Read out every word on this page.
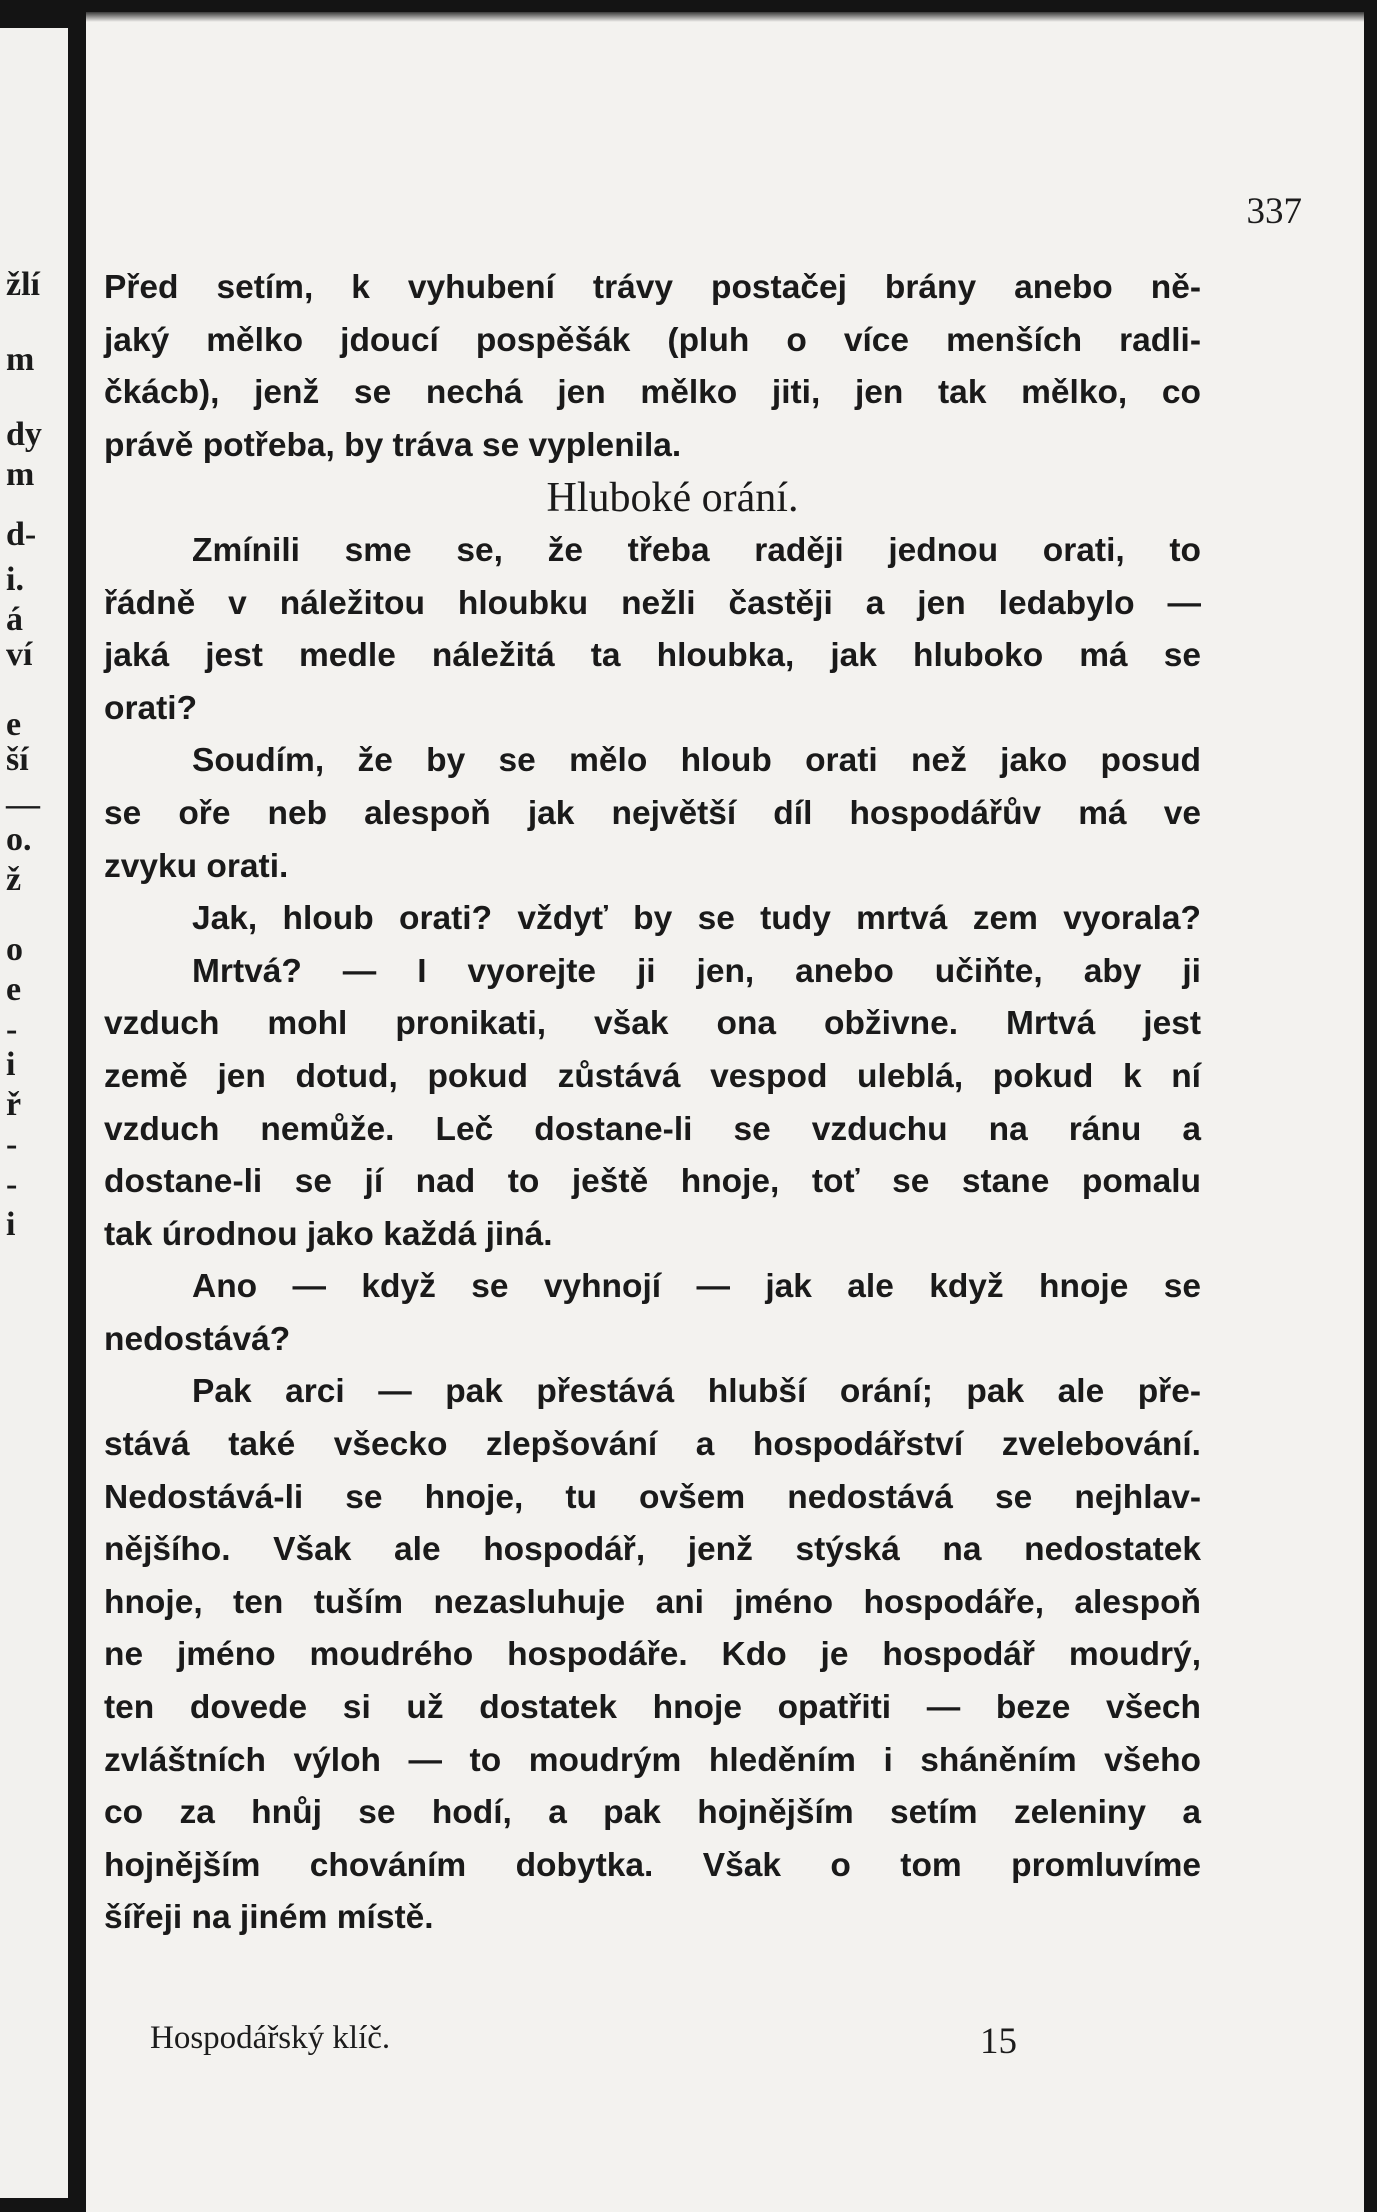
žlí
m
dy
m
d-
i.
á
ví
e
ší
—
o.
ž
o
e
-
i
ř
-
-
i
337
Před setím, k vyhubení trávy postačej brány anebo ně-
jaký mělko jdoucí pospěšák (pluh o více menších radli-
čkácb), jenž se nechá jen mělko jiti, jen tak mělko, co
právě potřeba, by tráva se vyplenila.
Hluboké orání.
Zmínili sme se, že třeba raději jednou orati, to
řádně v náležitou hloubku nežli častěji a jen ledabylo —
jaká jest medle náležitá ta hloubka, jak hluboko má se
orati?
Soudím, že by se mělo hloub orati než jako posud
se oře neb alespoň jak největší díl hospodářův má ve
zvyku orati.
Jak, hloub orati? vždyť by se tudy mrtvá zem vyorala?
Mrtvá? — I vyorejte ji jen, anebo učiňte, aby ji
vzduch mohl pronikati, však ona obživne. Mrtvá jest
země jen dotud, pokud zůstává vespod uleblá, pokud k ní
vzduch nemůže. Leč dostane-li se vzduchu na ránu a
dostane-li se jí nad to ještě hnoje, toť se stane pomalu
tak úrodnou jako každá jiná.
Ano — když se vyhnojí — jak ale když hnoje se
nedostává?
Pak arci — pak přestává hlubší orání; pak ale pře-
stává také všecko zlepšování a hospodářství zvelebování.
Nedostává-li se hnoje, tu ovšem nedostává se nejhlav-
nějšího. Však ale hospodář, jenž stýská na nedostatek
hnoje, ten tuším nezasluhuje ani jméno hospodáře, alespoň
ne jméno moudrého hospodáře. Kdo je hospodář moudrý,
ten dovede si už dostatek hnoje opatřiti — beze všech
zvláštních výloh — to moudrým hleděním i sháněním všeho
co za hnůj se hodí, a pak hojnějším setím zeleniny a
hojnějším chováním dobytka. Však o tom promluvíme
šířeji na jiném místě.
Hospodářský klíč.	15
